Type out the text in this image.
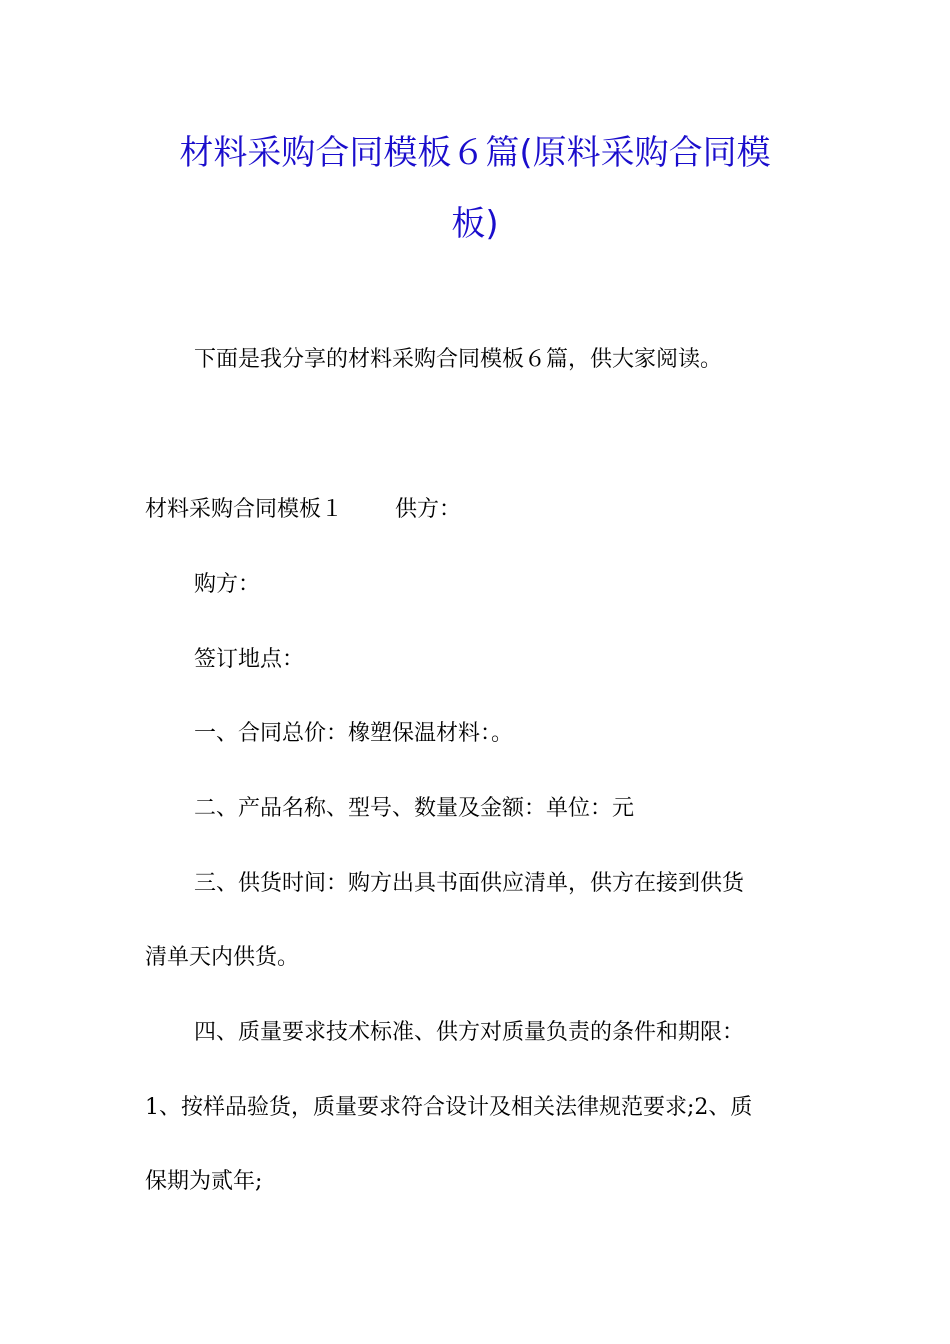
材料采购合同模板６篇(原料采购合同模
板)

下面是我分享的材料采购合同模板６篇，供大家阅读。

材料采购合同模板１ 供方：

购方：

签订地点：

一、合同总价：橡塑保温材料：。

二、产品名称、型号、数量及金额：单位：元

三、供货时间：购方出具书面供应清单，供方在接到供货

清单天内供货。

四、质量要求技术标准、供方对质量负责的条件和期限：

1、按样品验货，质量要求符合设计及相关法律规范要求;2、质

保期为贰年;
